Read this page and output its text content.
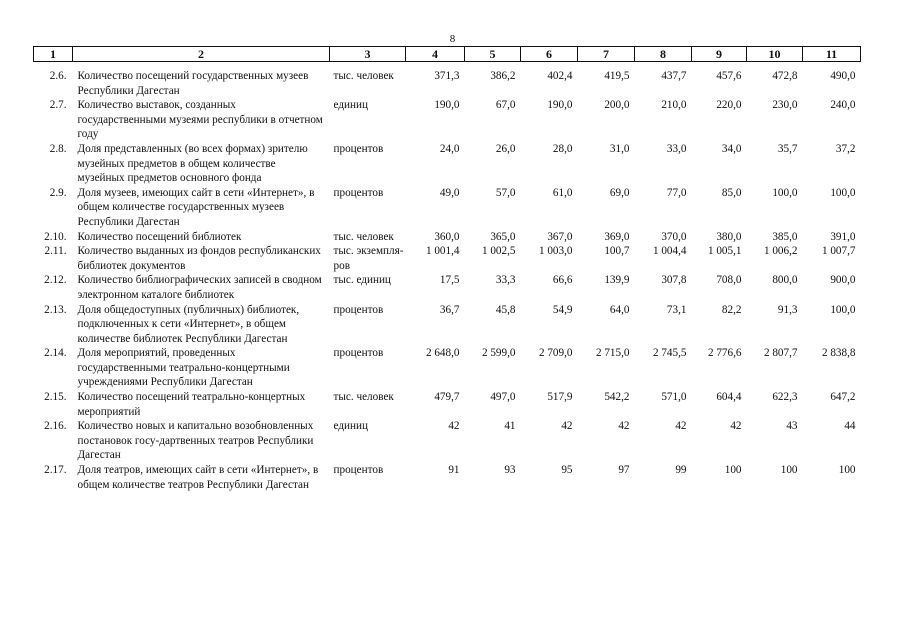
8
1	2	3	4	5	6	7	8	9	10	11
2.6.	Количество посещений государственных музеев Республики Дагестан	тыс. человек	371,3	386,2	402,4	419,5	437,7	457,6	472,8	490,0
2.7.	Количество выставок, созданных государственными музеями республики в отчетном году	единиц	190,0	67,0	190,0	200,0	210,0	220,0	230,0	240,0
2.8.	Доля представленных (во всех формах) зрителю музейных предметов в общем количестве музейных предметов основного фонда	процентов	24,0	26,0	28,0	31,0	33,0	34,0	35,7	37,2
2.9.	Доля музеев, имеющих сайт в сети «Интернет», в общем количестве государственных музеев Республики Дагестан	процентов	49,0	57,0	61,0	69,0	77,0	85,0	100,0	100,0
2.10.	Количество посещений библиотек	тыс. человек	360,0	365,0	367,0	369,0	370,0	380,0	385,0	391,0
2.11.	Количество выданных из фондов республиканских библиотек документов	тыс. экземпля-ров	1 001,4	1 002,5	1 003,0	100,7	1 004,4	1 005,1	1 006,2	1 007,7
2.12.	Количество библиографических записей в сводном электронном каталоге библиотек	тыс. единиц	17,5	33,3	66,6	139,9	307,8	708,0	800,0	900,0
2.13.	Доля общедоступных (публичных) библиотек, подключенных к сети «Интернет», в общем количестве библиотек Республики Дагестан	процентов	36,7	45,8	54,9	64,0	73,1	82,2	91,3	100,0
2.14.	Доля мероприятий, проведенных государственными театрально-концертными учреждениями Республики Дагестан	процентов	2 648,0	2 599,0	2 709,0	2 715,0	2 745,5	2 776,6	2 807,7	2 838,8
2.15.	Количество посещений театрально-концертных мероприятий	тыс. человек	479,7	497,0	517,9	542,2	571,0	604,4	622,3	647,2
2.16.	Количество новых и капитально возобновленных постановок госу-дартвенных театров Республики Дагестан	единиц	42	41	42	42	42	42	43	44
2.17.	Доля театров, имеющих сайт в сети «Интернет», в общем количестве театров Республики Дагестан	процентов	91	93	95	97	99	100	100	100
